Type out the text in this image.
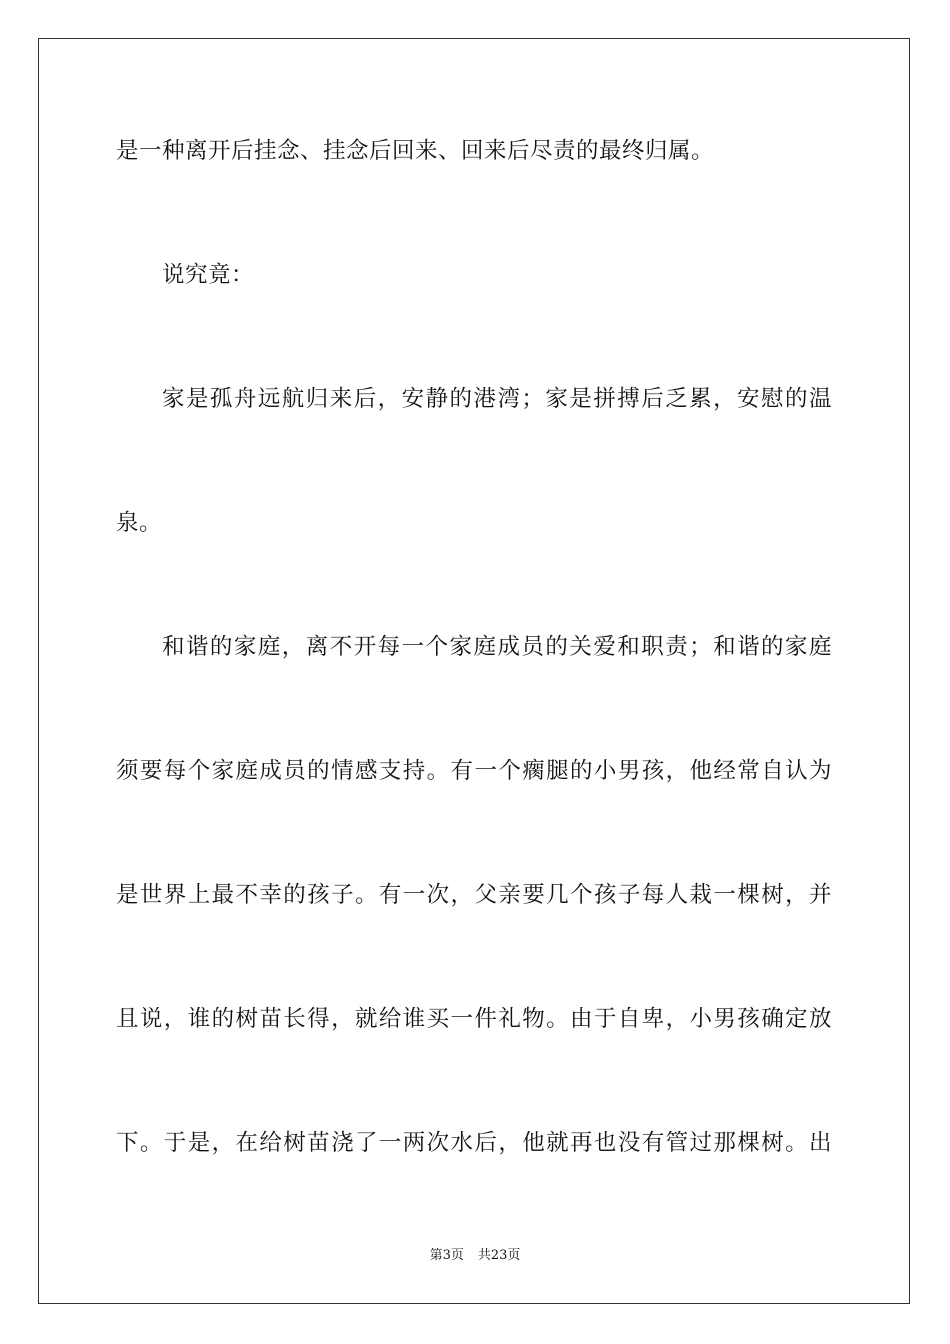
是一种离开后挂念、挂念后回来、回来后尽责的最终归属。
说究竟：
家是孤舟远航归来后，安静的港湾；家是拼搏后乏累，安慰的温
泉。
和谐的家庭，离不开每一个家庭成员的关爱和职责；和谐的家庭
须要每个家庭成员的情感支持。有一个瘸腿的小男孩，他经常自认为
是世界上最不幸的孩子。有一次，父亲要几个孩子每人栽一棵树，并
且说，谁的树苗长得，就给谁买一件礼物。由于自卑，小男孩确定放
下。于是，在给树苗浇了一两次水后，他就再也没有管过那棵树。出
第3页 共23页
